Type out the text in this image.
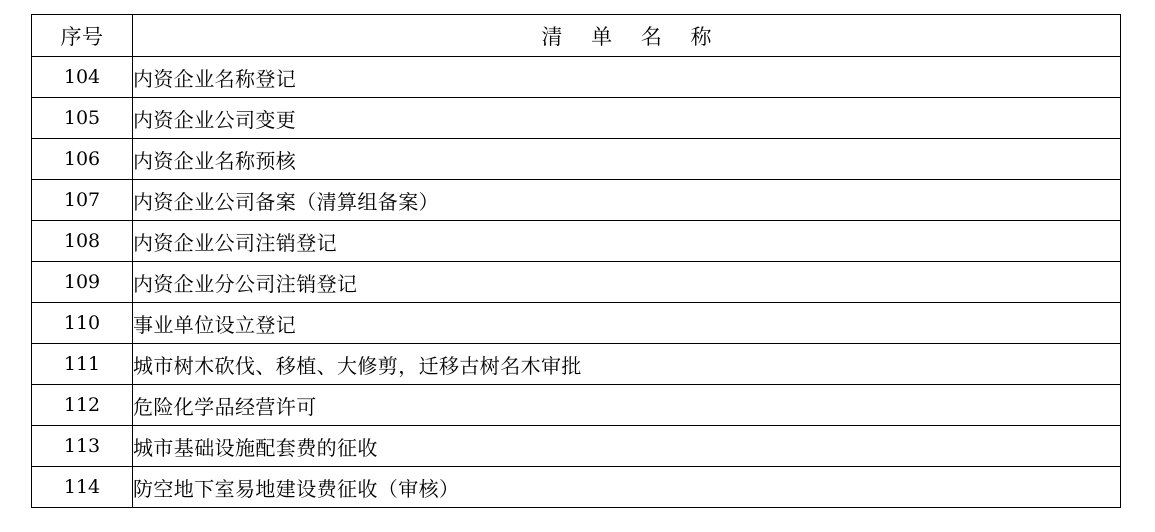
序号	清 单 名 称
104	内资企业名称登记
105	内资企业公司变更
106	内资企业名称预核
107	内资企业公司备案（清算组备案）
108	内资企业公司注销登记
109	内资企业分公司注销登记
110	事业单位设立登记
111	城市树木砍伐、移植、大修剪，迁移古树名木审批
112	危险化学品经营许可
113	城市基础设施配套费的征收
114	防空地下室易地建设费征收（审核）
